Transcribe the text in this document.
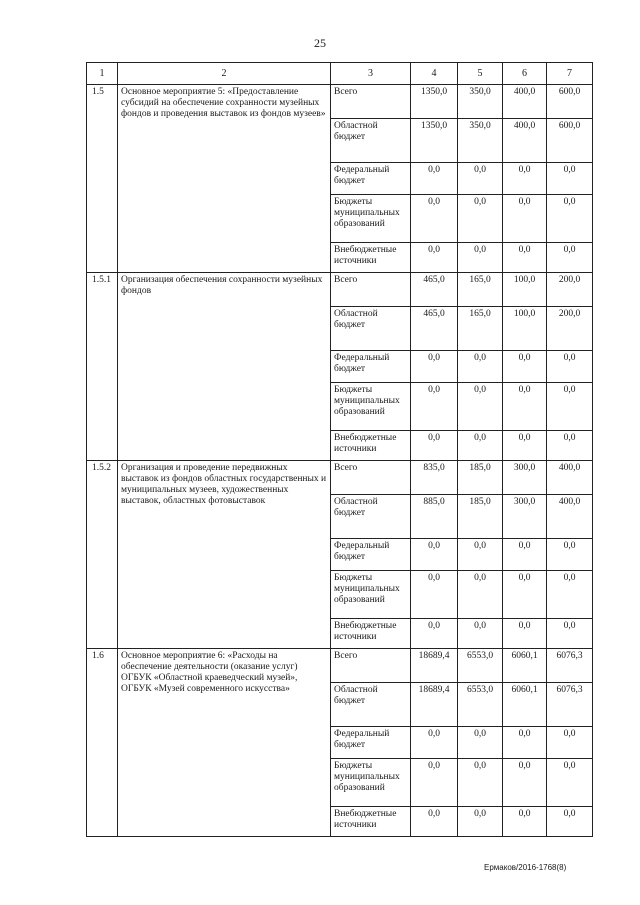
25
1	2	3	4	5	6	7
1.5	Основное мероприятие 5: «Предоставление субсидий на обеспечение сохранности музейных фондов и проведения выставок из фондов музеев»	Всего	1350,0	350,0	400,0	600,0
		Областной бюджет	1350,0	350,0	400,0	600,0
		Федеральный бюджет	0,0	0,0	0,0	0,0
		Бюджеты муниципальных образований	0,0	0,0	0,0	0,0
		Внебюджетные источники	0,0	0,0	0,0	0,0
1.5.1	Организация обеспечения сохранности музейных фондов	Всего	465,0	165,0	100,0	200,0
		Областной бюджет	465,0	165,0	100,0	200,0
		Федеральный бюджет	0,0	0,0	0,0	0,0
		Бюджеты муниципальных образований	0,0	0,0	0,0	0,0
		Внебюджетные источники	0,0	0,0	0,0	0,0
1.5.2	Организация и проведение передвижных выставок из фондов областных государственных и муниципальных музеев, художественных выставок, областных фотовыставок	Всего	835,0	185,0	300,0	400,0
		Областной бюджет	885,0	185,0	300,0	400,0
		Федеральный бюджет	0,0	0,0	0,0	0,0
		Бюджеты муниципальных образований	0,0	0,0	0,0	0,0
		Внебюджетные источники	0,0	0,0	0,0	0,0
1.6	Основное мероприятие 6: «Расходы на обеспечение деятельности (оказание услуг) ОГБУК «Областной краеведческий музей», ОГБУК «Музей современного искусства»	Всего	18689,4	6553,0	6060,1	6076,3
		Областной бюджет	18689,4	6553,0	6060,1	6076,3
		Федеральный бюджет	0,0	0,0	0,0	0,0
		Бюджеты муниципальных образований	0,0	0,0	0,0	0,0
		Внебюджетные источники	0,0	0,0	0,0	0,0
Ермаков/2016-1768(8)
